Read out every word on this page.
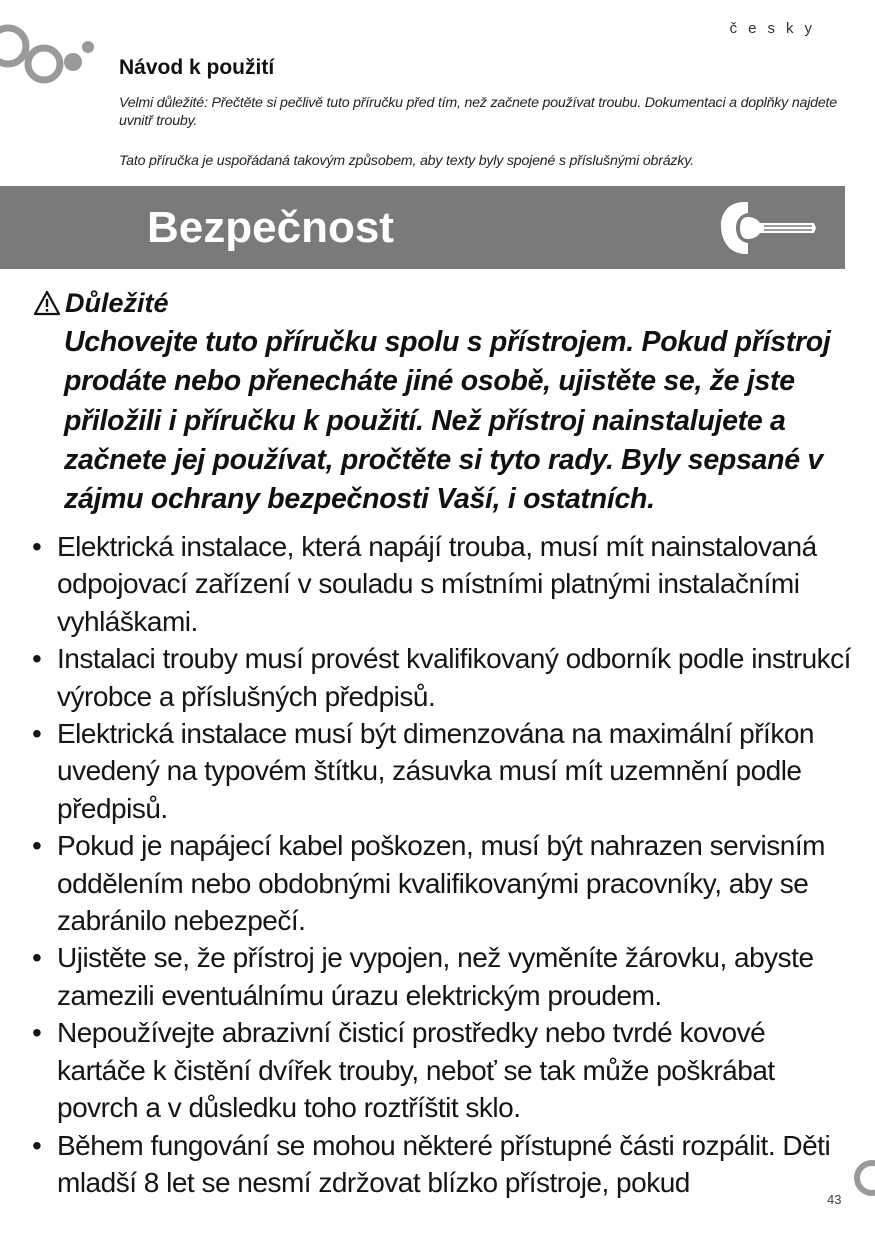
česky
Návod k použití

Velmi důležité: Přečtěte si pečlivě tuto příručku před tím, než začnete používat troubu. Dokumentaci a doplňky najdete uvnitř trouby.

Tato příručka je uspořádaná takovým způsobem, aby texty byly spojené s příslušnými obrázky.

Bezpečnost
Důležité

Uchovejte tuto příručku spolu s přístrojem. Pokud přístroj prodáte nebo přenecháte jiné osobě, ujistěte se, že jste přiložili i příručku k použití. Než přístroj nainstalujete a začnete jej používat, pročtěte si tyto rady. Byly sepsané v zájmu ochrany bezpečnosti Vaší, i ostatních.

• Elektrická instalace, která napájí trouba, musí mít nainstalovaná odpojovací zařízení v souladu s místními platnými instalačními vyhláškami.
• Instalaci trouby musí provést kvalifikovaný odborník podle instrukcí výrobce a příslušných předpisů.
• Elektrická instalace musí být dimenzována na maximální příkon uvedený na typovém štítku, zásuvka musí mít uzemnění podle předpisů.
• Pokud je napájecí kabel poškozen, musí být nahrazen servisním oddělením nebo obdobnými kvalifikovanými pracovníky, aby se zabránilo nebezpečí.
• Ujistěte se, že přístroj je vypojen, než vyměníte žárovku, abyste zamezili eventuálnímu úrazu elektrickým proudem.
• Nepoužívejte abrazivní čisticí prostředky nebo tvrdé kovové kartáče k čistění dvířek trouby, neboť se tak může poškrábat povrch a v důsledku toho roztříštit sklo.
• Během fungování se mohou některé přístupné části rozpálit. Děti mladší 8 let se nesmí zdržovat blízko přístroje, pokud
43
